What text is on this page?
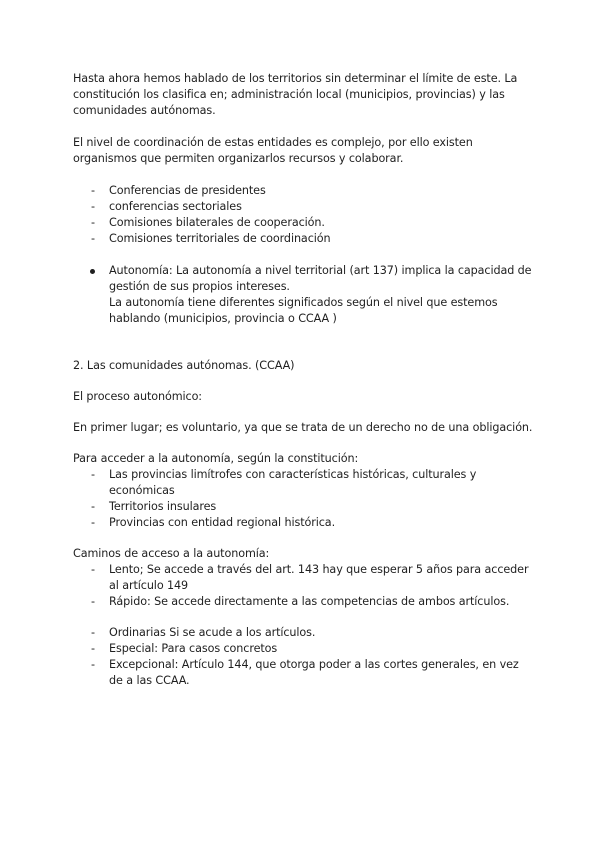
Hasta ahora hemos hablado de los territorios sin determinar el límite de este. La constitución los clasifica en; administración local (municipios, provincias) y las comunidades autónomas.

El nivel de coordinación de estas entidades es complejo, por ello existen organismos que permiten organizarlos recursos y colaborar.

- Conferencias de presidentes
- conferencias sectoriales
- Comisiones bilaterales de cooperación.
- Comisiones territoriales de coordinación
Autonomía: La autonomía a nivel territorial (art 137) implica la capacidad de gestión de sus propios intereses.
La autonomía tiene diferentes significados según el nivel que estemos hablando (municipios, provincia o CCAA )

2. Las comunidades autónomas. (CCAA)

El proceso autonómico:

En primer lugar; es voluntario, ya que se trata de un derecho no de una obligación.

Para acceder a la autonomía, según la constitución:

- Las provincias limítrofes con características históricas, culturales y económicas
- Territorios insulares
- Provincias con entidad regional histórica.

Caminos de acceso a la autonomía:

- Lento; Se accede a través del art. 143 hay que esperar 5 años para acceder al artículo 149
- Rápido: Se accede directamente a las competencias de ambos artículos.
- Ordinarias Si se acude a los artículos.
- Especial: Para casos concretos
- Excepcional: Artículo 144, que otorga poder a las cortes generales, en vez de a las CCAA.
